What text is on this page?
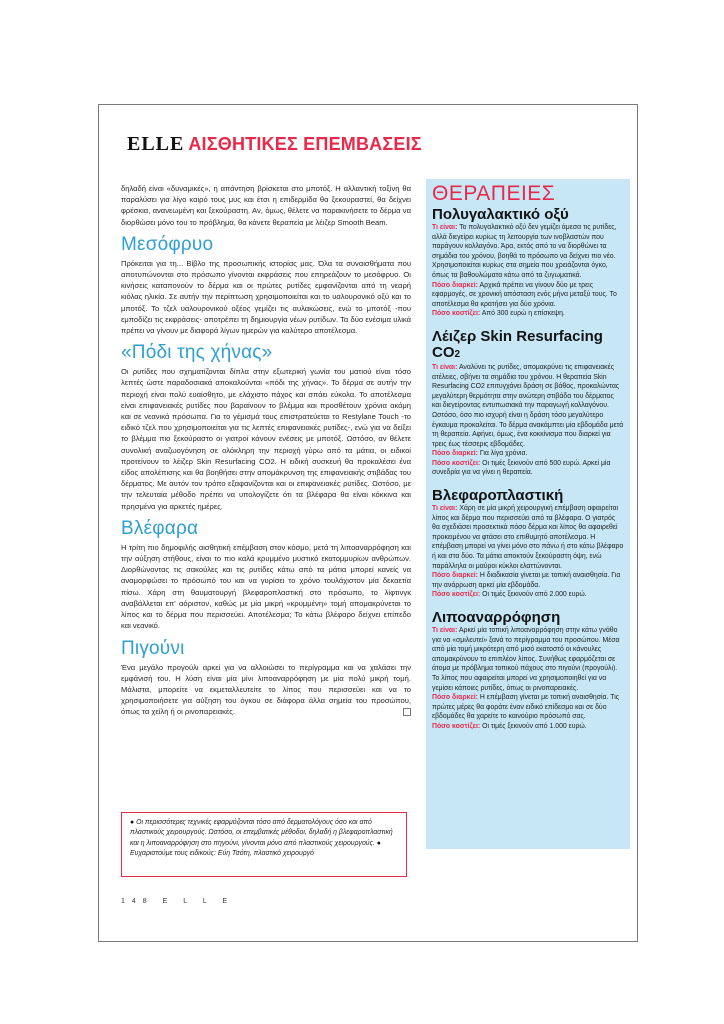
ELLE ΑΙΣΘΗΤΙΚΕΣ ΕΠΕΜΒΑΣΕΙΣ

δηλαδή είναι «δυναμικές», η απάντηση βρίσκεται στο μποτόξ. Η αλλαντική τοξίνη θα παραλύσει για λίγο καιρό τους μυς και έτσι η επιδερμίδα θα ξεκουραστεί, θα δείχνει φρέσκια, ανανεωμένη και ξεκούραστη. Αν, όμως, θέλετε να παρακινήσετε το δέρμα να διορθώσει μόνο του το πρόβλημα, θα κάνετε θεραπεία με λέιζερ Smooth Beam.

Μεσόφρυο

Πρόκειται για τη... Βίβλο της προσωπικής ιστορίας μας. Όλα τα συναισθήματα που αποτυπώνονται στο πρόσωπο γίνονται εκφράσεις που επηρεάζουν το μεσόφρυο. Οι κινήσεις καταπονούν το δέρμα και οι πρώτες ρυτίδες εμφανίζονται από τη νεαρή κιόλας ηλικία. Σε αυτήν την περίπτωση χρησιμοποιείται και το υαλουρονικό οξύ και το μποτόξ. Το τζελ υαλουρονικού οξέος γεμίζει τις αυλακώσεις, ενώ το μποτόξ -που εμποδίζει τις εκφράσεις- αποτρέπει τη δημιουργία νέων ρυτίδων. Τα δύο ενέσιμα υλικά πρέπει να γίνουν με διαφορά λίγων ημερών για καλύτερο αποτέλεσμα.

«Πόδι της χήνας»

Οι ρυτίδες που σχηματίζονται δίπλα στην εξωτερική γωνία του ματιού είναι τόσο λεπτές ώστε παραδοσιακά αποκαλούνται «πόδι της χήνας». Το δέρμα σε αυτήν την περιοχή είναι πολύ ευαίσθητο, με ελάχιστο πάχος και σπάει εύκολα. Το αποτέλεσμα είναι επιφανειακές ρυτίδες που βαραίνουν το βλέμμα και προσθέτουν χρόνια ακόμη και σε νεανικά πρόσωπα. Για το γέμισμά τους επιστρατεύεται το Restylane Touch -το ειδικό τζελ που χρησιμοποιείται για τις λεπτές επιφανειακές ρυτίδες-, ενώ για να δείξει το βλέμμα πιο ξεκούραστο οι γιατροί κάνουν ενέσεις με μποτόξ. Ωστόσο, αν θέλετε συνολική αναζωογόνηση σε ολόκληρη την περιοχή γύρω από τα μάτια, οι ειδικοί προτείνουν το λέιζερ Skin Resurfacing CO2. Η ειδική συσκευή θα προκαλέσει ένα είδος απολέπισης και θα βοηθήσει στην απομάκρυνση της επιφανειακής στιβάδας του δέρματος. Με αυτόν τον τρόπο εξαφανίζονται και οι επιφανειακές ρυτίδες. Ωστόσο, με την τελευταία μέθοδο πρέπει να υπολογίζετε ότι τα βλέφαρα θα είναι κόκκινα και πρησμένα για αρκετές ημέρες.

Βλέφαρα

Η τρίτη πιο δημοφιλής αισθητική επέμβαση στον κόσμο, μετά τη λιποαναρρόφηση και την αύξηση στήθους, είναι το πιο καλά κρυμμένο μυστικό εκατομμυρίων ανθρώπων. Διορθώνοντας τις σακούλες και τις ρυτίδες κάτω από τα μάτια μπορεί κανείς να αναμορφώσει το πρόσωπό του και να γυρίσει το χρόνο τουλάχιστον μία δεκαετία πίσω. Χάρη στη θαυματουργή βλεφαροπλαστική στο πρόσωπο, το λίφτινγκ αναβάλλεται επ' αόριστον, καθώς με μία μικρή «κρυμμένη» τομή απομακρύνεται το λίπος και το δέρμα που περισσεύει. Αποτέλεσμα; Το κάτω βλέφαρο δείχνει επίπεδο και νεανικό.

Πιγούνι

Ένα μεγάλο προγούλι αρκεί για να αλλοιώσει το περίγραμμα και να χαλάσει την εμφάνισή του. Η λύση είναι μία μίνι λιποαναρρόφηση με μία πολύ μικρή τομή. Μάλιστα, μπορείτε να εκμεταλλευτείτε το λίπος που περισσεύει και να το χρησιμοποιήσετε για αύξηση του όγκου σε διάφορα άλλα σημεία του προσώπου, όπως τα χείλη ή οι ρινοπαρειακές.

● Οι περισσότερες τεχνικές εφαρμόζονται τόσο από δερματολόγους όσο και από πλαστικούς χειρουργούς. Ωστόσο, οι επεμβατικές μέθοδοι, δηλαδή η βλεφαροπλαστική και η λιποαναρρόφηση στο πηγούνι, γίνονται μόνο από πλαστικούς χειρουργούς. ● Ευχαριστούμε τους ειδικούς: Εύη Τσότη, πλαστικό χειρουργό
148 E L L E
ΘΕΡΑΠΕΙΕΣ
Πολυγαλακτικό οξύ

Τι είναι: Το πολυγαλακτικό οξύ δεν γεμίζει άμεσα τις ρυτίδες, αλλά διεγείρει κυρίως τη λειτουργία των ινοβλαστών που παράγουν κολλαγόνο. Άρα, εκτός από το να διορθώνει τα σημάδια του χρόνου, βοηθά το πρόσωπο να δείχνει πιο νέο. Χρησιμοποιείται κυρίως στα σημεία που χρειάζονται όγκο, όπως τα βαθουλώματα κάτω από τα ζυγωματικά.

Πόσο διαρκεί: Αρχικά πρέπει να γίνουν δύο με τρεις εφαρμογές, σε χρονική απόσταση ενός μήνα μεταξύ τους. Το αποτέλεσμα θα κρατήσει για δύο χρόνια.

Πόσο κοστίζει: Από 300 ευρώ η επίσκεψη.

Λέιζερ Skin Resurfacing CO2

Τι είναι: Αναλύνει τις ρυτίδες, απομακρύνει τις επιφανειακές ατέλειες, σβήνει τα σημάδια του χρόνου. Η θεραπεία Skin Resurfacing CO2 επιτυγχάνει δράση σε βάθος, προκαλώντας μεγαλύτερη θερμότητα στην ανώτερη στιβάδα του δέρματος και διεγείροντας εντυπωσιακά την παραγωγή κολλαγόνου. Ωστόσο, όσο πιο ισχυρή είναι η δράση τόσο μεγαλύτερο έγκαυμα προκαλείται. Το δέρμα ανακάμπτει μία εβδομάδα μετά τη θεραπεία. Αφήνει, όμως, ένα κοκκίνισμα που διαρκεί για τρεις έως τέσσερις εβδομάδες.

Πόσο διαρκεί: Για λίγα χρόνια.

Πόσο κοστίζει: Οι τιμές ξεκινούν από 500 ευρώ. Αρκεί μία συνεδρία για να γίνει η θεραπεία.

Βλεφαροπλαστική

Τι είναι: Χάρη σε μία μικρή χειρουργική επέμβαση αφαιρείται λίπος και δέρμα που περισσεύει από τα βλέφαρα. Ο γιατρός θα σχεδιάσει προσεκτικά πόσο δέρμα και λίπος θα αφαιρεθεί προκειμένου να φτάσει στο επιθυμητό αποτέλεσμα. Η επέμβαση μπορεί να γίνει μόνο στο πάνω ή στο κάτω βλέφαρο ή και στα δύο. Τα μάτια αποκτούν ξεκούραστη όψη, ενώ παράλληλα οι μαύροι κύκλοι ελαττώνονται.

Πόσο διαρκεί: Η διαδικασία γίνεται με τοπική αναισθησία. Για την ανάρρωση αρκεί μία εβδομάδα.

Πόσο κοστίζει: Οι τιμές ξεκινούν από 2.000 ευρώ.

Λιποαναρρόφηση

Τι είναι: Αρκεί μία τοπική λιποαναρρόφηση στην κάτω γνάθο για να «σμιλευτεί» ξανά το περίγραμμα του προσώπου. Μέσα από μία τομή μικρότερη από μισό εκατοστό οι κάνουλες απομακρύνουν το επιπλέον λίπος. Συνήθως εφαρμόζεται σε άτομα με πρόβλημα τοπικού πάχους στο πιγούνι (προγούλι). Το λίπος που αφαιρείται μπορεί να χρησιμοποιηθεί για να γεμίσει κάποιες ρυτίδες, όπως οι ρινοπαρειακές.

Πόσο διαρκεί: Η επέμβαση γίνεται με τοπική αναισθησία. Τις πρώτες μέρες θα φοράτε έναν ειδικό επίδεσμο και σε δύο εβδομάδες θα χαρείτε το καινούριο πρόσωπό σας.

Πόσο κοστίζει: Οι τιμές ξεκινούν από 1.000 ευρώ.
